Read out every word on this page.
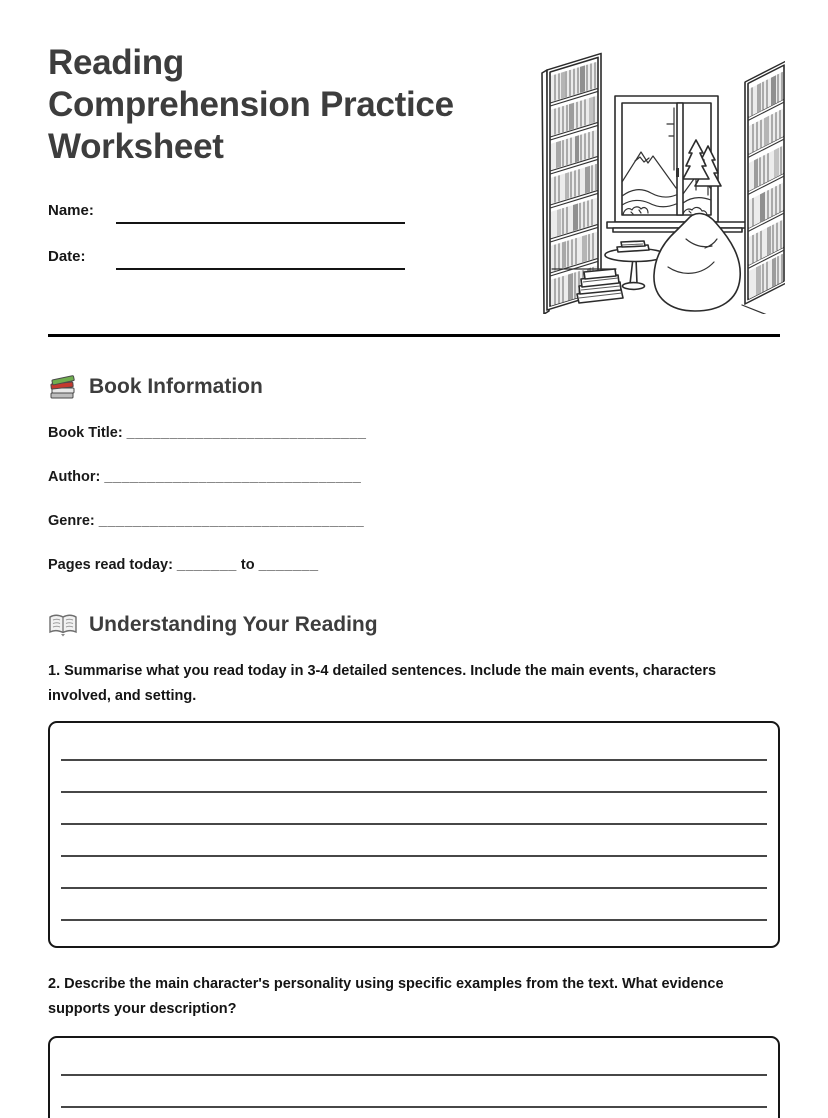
Reading
Comprehension Practice
Worksheet
Name:
Date:
Book Information
Book Title: ____________________________
Author: ______________________________
Genre: _______________________________
Pages read today: _______ to _______
Understanding Your Reading

1. Summarise what you read today in 3-4 detailed sentences. Include the main events, characters involved, and setting.

2. Describe the main character's personality using specific examples from the text. What evidence supports your description?
